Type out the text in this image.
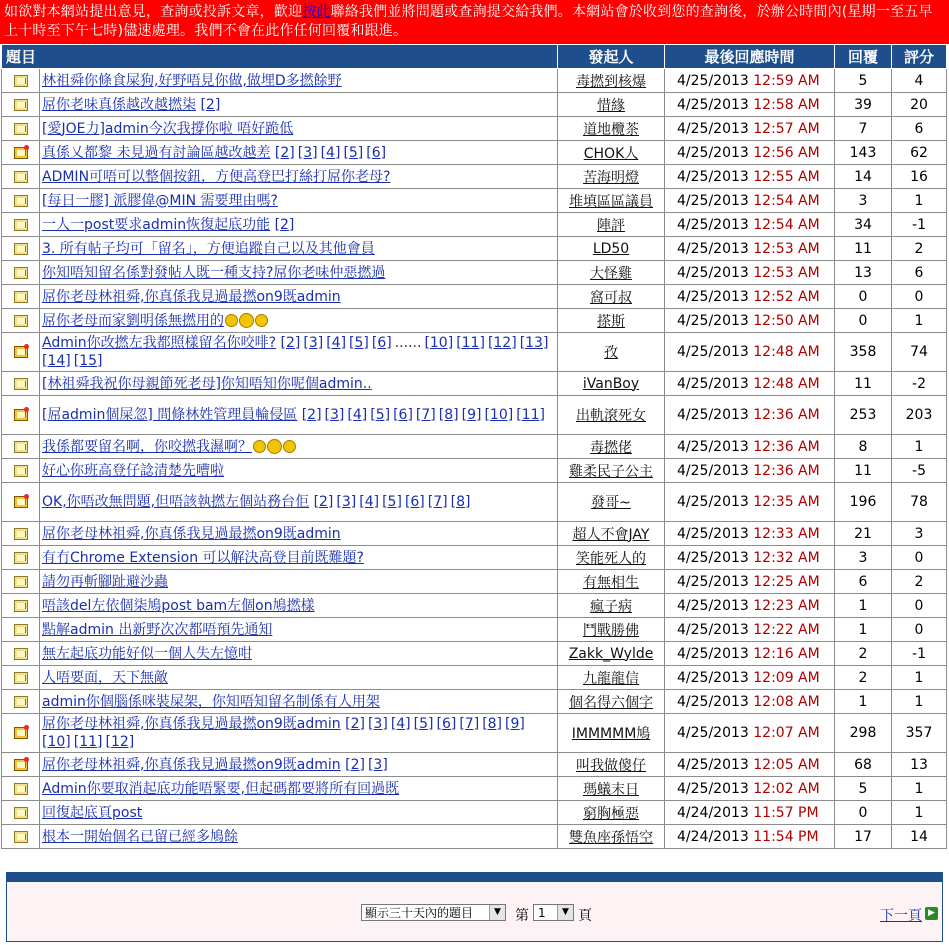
如欲對本網站提出意見，查詢或投訴文章，歡迎按此聯絡我們並將問題或查詢提交給我們。本網站會於收到您的查詢後，於辦公時間內(星期一至五早上十時至下午七時)儘速處理。我們不會在此作任何回覆和跟進。
題目		發起人	最後回應時間	回覆	評分
	林祖舜你條食屎狗,好野唔見你做,做埋D多撚餘野	毒撚到核爆	4/25/2013 12:59 AM	5	4
	屌你老味真係越改越撚柒 [2]	惜緣	4/25/2013 12:58 AM	39	20
	[愛JOE力]admin今次我撐你啦 唔好跪低	道地欖茶	4/25/2013 12:57 AM	7	6
	真係乂都黎 未見過有討論區越改越差 [2] [3] [4] [5] [6]	CHOK人	4/25/2013 12:56 AM	143	62
	ADMIN可唔可以整個按鈕，方便高登巴打絲打屌你老母?	苦海明燈	4/25/2013 12:55 AM	14	16
	[每日一膠] 派膠偉@MIN 需要理由嗎?	堆填區區議員	4/25/2013 12:54 AM	3	1
	一人一post要求admin恢復起底功能 [2]	陣評	4/25/2013 12:54 AM	34	-1
	3. 所有帖子均可「留名」，方便追蹤自己以及其他會員	LD50	4/25/2013 12:53 AM	11	2
	你知唔知留名係對發帖人既一種支持?屌你老味仲惡撚過	大怪雞	4/25/2013 12:53 AM	13	6
	屌你老母林祖舜,你真係我見過最撚on9既admin	窩可叔	4/25/2013 12:52 AM	0	0
	屌你老母而家劉明係無撚用的	搽斯	4/25/2013 12:50 AM	0	1
	Admin你改撚左我都照樣留名你咬啡? [2] [3] [4] [5] [6] ...... [10] [11] [12] [13][14] [15]	孜	4/25/2013 12:48 AM	358	74
	[林祖舜我祝你母親節死老母]你知唔知你呢個admin..	iVanBoy	4/25/2013 12:48 AM	11	-2
	[屌admin個屎忽] 間條林姓管理員輪侵區 [2] [3] [4] [5] [6] [7] [8] [9] [10] [11]	出軌滾死女	4/25/2013 12:36 AM	253	203
	我係都要留名啊，你咬撚我濕啊？	毒撚佬	4/25/2013 12:36 AM	8	1
	好心你班高登仔諗清楚先嘈啦	雞柔民子公主	4/25/2013 12:36 AM	11	-5
	OK,你唔改無問題,但唔該執撚左個站務台佢 [2] [3] [4] [5] [6] [7] [8]	發哥~	4/25/2013 12:35 AM	196	78
	屌你老母林祖舜,你真係我見過最撚on9既admin	超人不會JAY	4/25/2013 12:33 AM	21	3
	有冇Chrome Extension 可以解決高登目前既難題?	笑能死人的	4/25/2013 12:32 AM	3	0
	請勿再斬腳趾避沙蟲	有無相生	4/25/2013 12:25 AM	6	2
	唔該del左依個柒鳩post bam左個on鳩撚樣	瘋子病	4/25/2013 12:23 AM	1	0
	點解admin 出新野次次都唔預先通知	鬥戰勝佛	4/25/2013 12:22 AM	1	0
	無左起底功能好似一個人失左憶咁	Zakk_Wylde	4/25/2013 12:16 AM	2	-1
	人唔要面，天下無敵	九龍龍信	4/25/2013 12:09 AM	2	1
	admin你個腦係咪裝屎架，你知唔知留名制係有人用架	個名得六個字	4/25/2013 12:08 AM	1	1
	屌你老母林祖舜,你真係我見過最撚on9既admin [2] [3] [4] [5] [6] [7] [8] [9][10] [11] [12]	ⅠMMMMM鳩	4/25/2013 12:07 AM	298	357
	屌你老母林祖舜,你真係我見過最撚on9既admin [2] [3]	叫我做傻仔	4/25/2013 12:05 AM	68	13
	Admin你要取消起底功能唔緊要,但起碼都要將所有回過既	瑪蟻末日	4/25/2013 12:02 AM	5	1
	回復起底頁post	窮胸極惡	4/24/2013 11:57 PM	0	1
	根本一開始個名已留已經多鳩餘	雙魚座孫悟空	4/24/2013 11:54 PM	17	14
顯示三十天內的題目	▼ 第 1	▼ 頁	下一頁 ▶
